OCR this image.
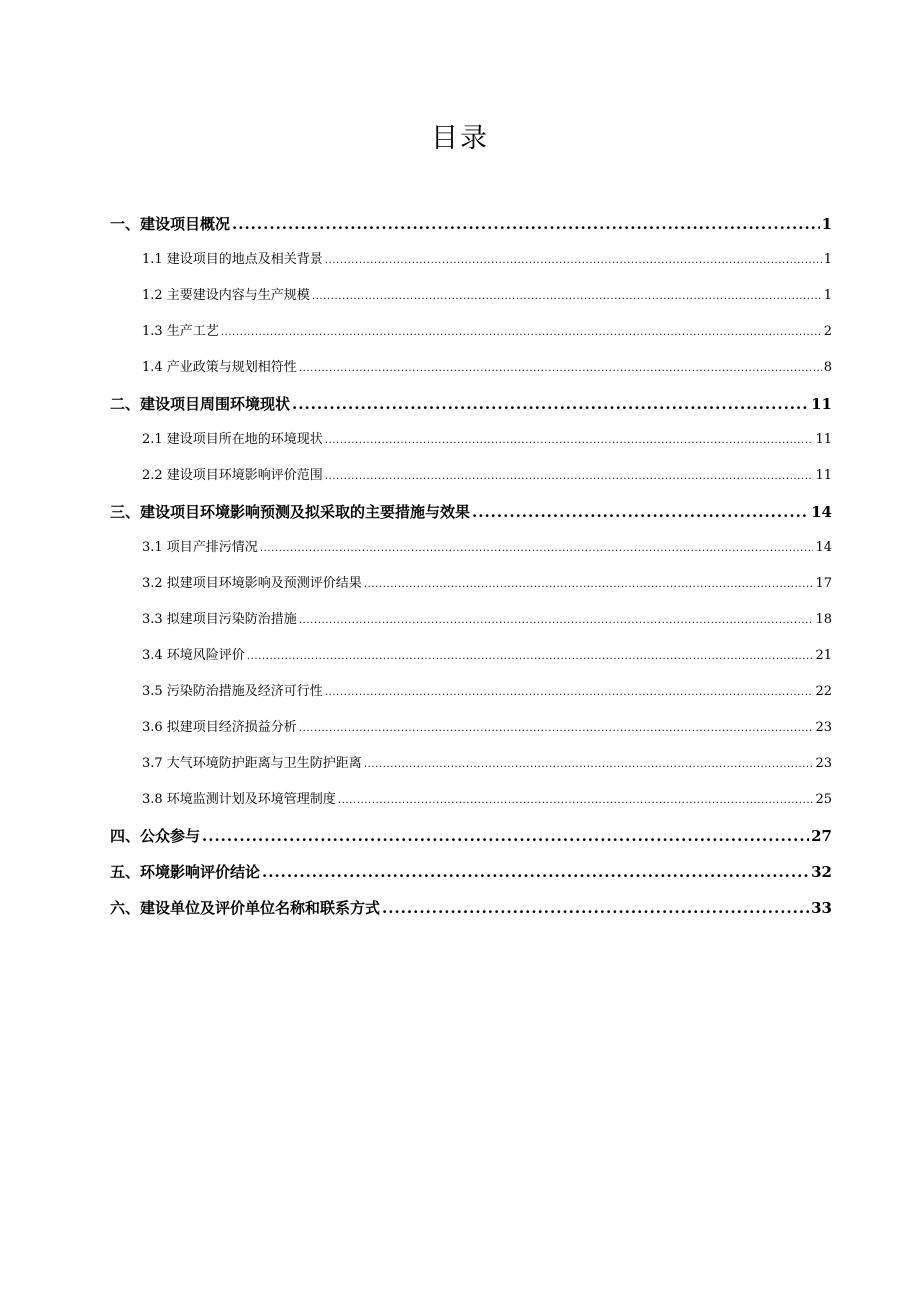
目录
一、建设项目概况 .....	1
1.1 建设项目的地点及相关背景 .....	1
1.2 主要建设内容与生产规模 .....	1
1.3 生产工艺 .....	2
1.4 产业政策与规划相符性 .....	8
二、建设项目周围环境现状 .....	11
2.1 建设项目所在地的环境现状 .....	11
2.2 建设项目环境影响评价范围 .....	11
三、建设项目环境影响预测及拟采取的主要措施与效果 .....	14
3.1 项目产排污情况 .....	14
3.2 拟建项目环境影响及预测评价结果 .....	17
3.3 拟建项目污染防治措施 .....	18
3.4 环境风险评价 .....	21
3.5 污染防治措施及经济可行性 .....	22
3.6 拟建项目经济损益分析 .....	23
3.7 大气环境防护距离与卫生防护距离 .....	23
3.8 环境监测计划及环境管理制度 .....	25
四、公众参与 .....	27
五、环境影响评价结论 .....	32
六、建设单位及评价单位名称和联系方式 .....	33
